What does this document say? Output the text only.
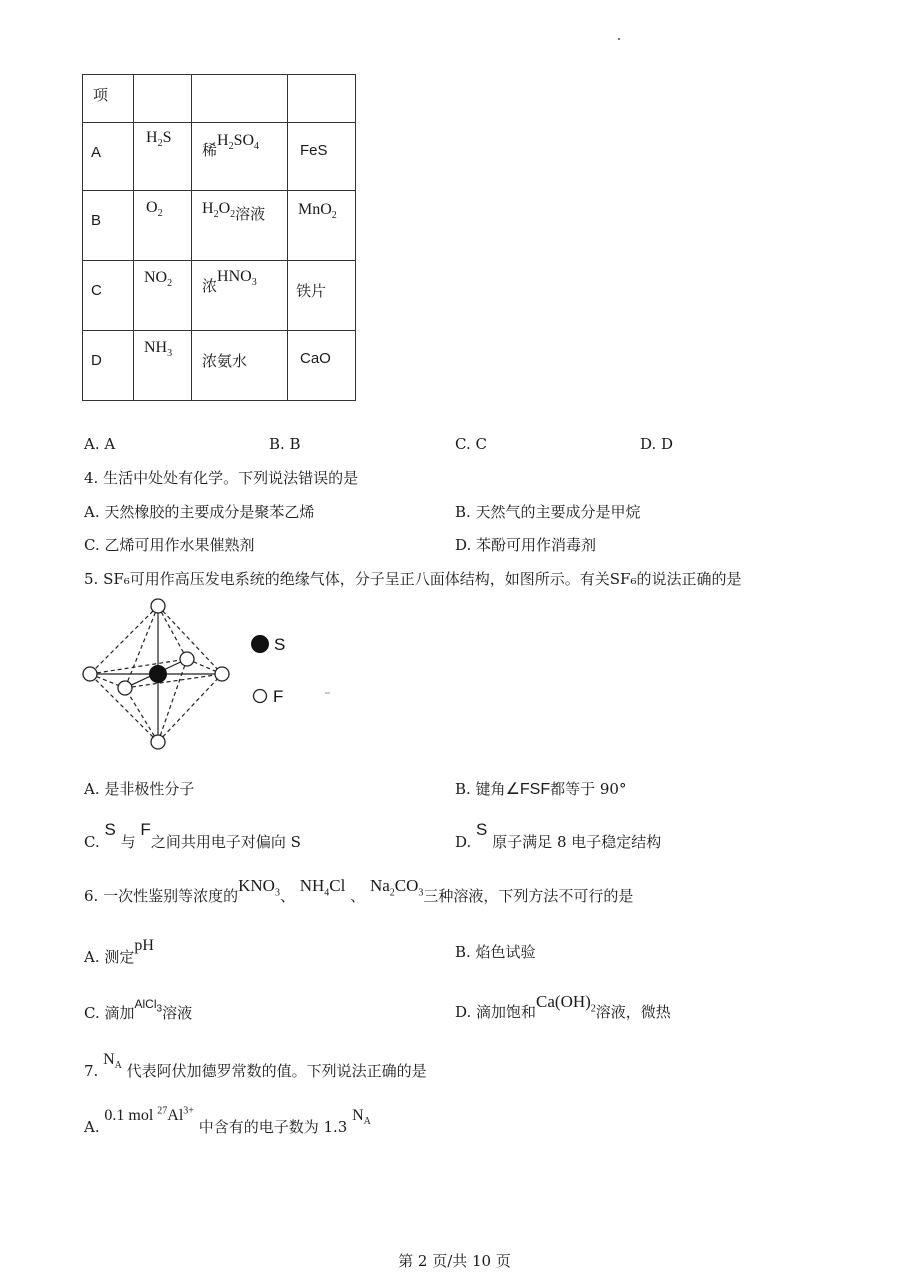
项			

A	$H_2S$	稀$H_2SO_4$	FeS

B	$O_2$	$H_2O_2$溶液	MnO$_2$

C	$NO_2$	浓$HNO_3$	铁片

D	$NH_3$	浓氨水	CaO
A. A	B. B	C. C	D. D
4. 生活中处处有化学。下列说法错误的是
A. 天然橡胶的主要成分是聚苯乙烯	B. 天然气的主要成分是甲烷
C. 乙烯可用作水果催熟剂	D. 苯酚可用作消毒剂
5. SF₆可用作高压发电系统的绝缘气体，分子呈正八面体结构，如图所示。有关SF₆的说法正确的是
S
F
A. 是非极性分子	B. 键角∠FSF都等于 90°
C. S 与 F之间共用电子对偏向 S	D. S 原子满足 8 电子稳定结构
6. 一次性鉴别等浓度的$KNO_3$、 $NH_4Cl$ 、 $Na_2CO_3$三种溶液，下列方法不可行的是
A. 测定pH	B. 焰色试验
C. 滴加$^{AlCl_3}$溶液	D. 滴加饱和$Ca(OH)_2$溶液，微热
7. $N_A$ 代表阿伏加德罗常数的值。下列说法正确的是
A. 0.1 mol $^{27}Al^{3+}$ 中含有的电子数为 1.3 $N_A$
第 2 页/共 10 页
